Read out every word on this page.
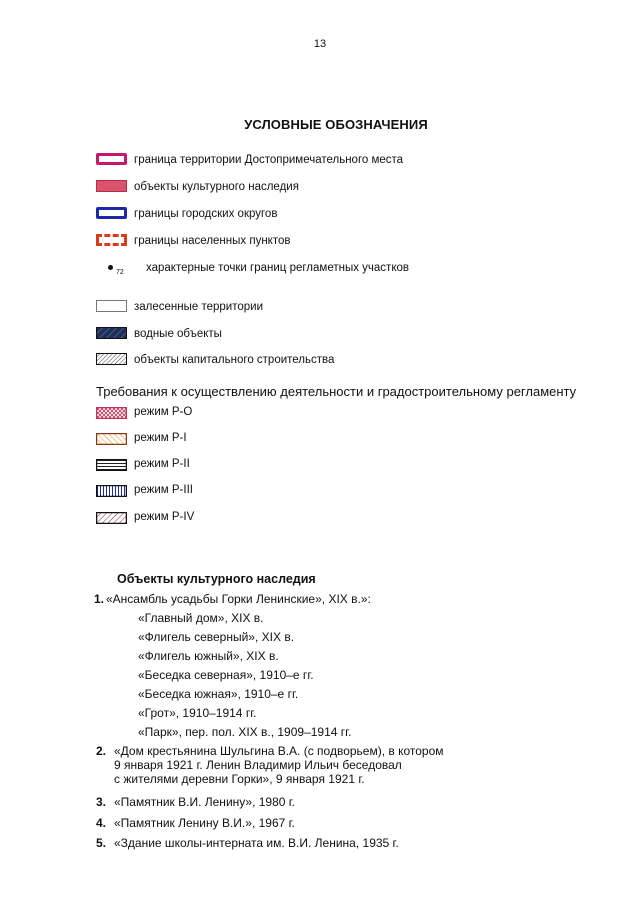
13
УСЛОВНЫЕ ОБОЗНАЧЕНИЯ
граница территории Достопримечательного места
объекты культурного наследия
границы городских округов
границы населенных пунктов
72 характерные точки границ регламетных участков
залесенные территории
водные объекты
объекты капитального строительства
Требования к осуществлению деятельности и градостроительному регламенту
режим Р-О
режим Р-I
режим Р-II
режим Р-III
режим Р-IV
Объекты культурного наследия
1. «Ансамбль усадьбы Горки Ленинские», XIX в.»:
«Главный дом», XIX в.
«Флигель северный», XIX в.
«Флигель южный», XIX в.
«Беседка северная», 1910–е гг.
«Беседка южная», 1910–е гг.
«Грот», 1910–1914 гг.
«Парк», пер. пол. XIX в., 1909–1914 гг.
2. «Дом крестьянина Шульгина В.А. (с подворьем), в котором
9 января 1921 г. Ленин Владимир Ильич беседовал
с жителями деревни Горки», 9 января 1921 г.
3. «Памятник В.И. Ленину», 1980 г.
4. «Памятник Ленину В.И.», 1967 г.
5. «Здание школы-интерната им. В.И. Ленина, 1935 г.
